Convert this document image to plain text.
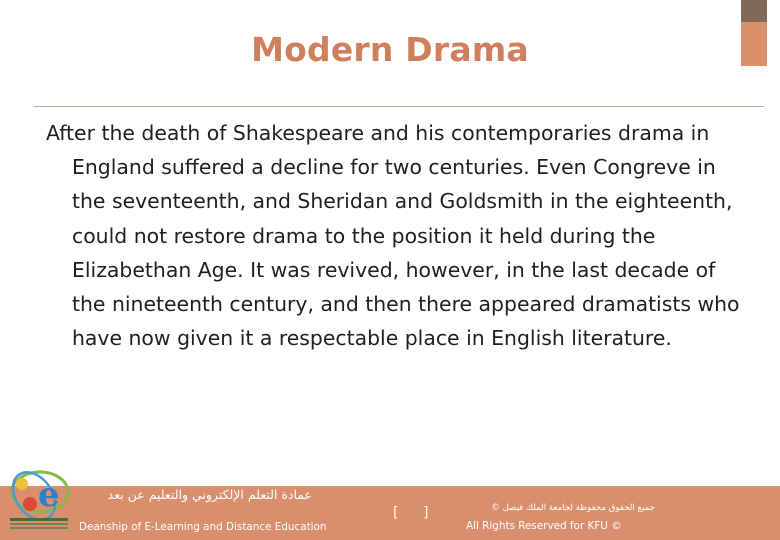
Modern Drama

After the death of Shakespeare and his contemporaries drama in England suffered a decline for two centuries. Even Congreve in the seventeenth, and Sheridan and Goldsmith in the eighteenth, could not restore drama to the position it held during the Elizabethan Age. It was revived, however, in the last decade of the nineteenth century, and then there appeared dramatists who have now given it a respectable place in English literature.

e	عمادة التعلم الإلكتروني والتعليم عن بعد
Deanship of E-Learning and Distance Education
[ ]	جميع الحقوق محفوظة لجامعة الملك فيصل ©
All Rights Reserved for KFU ©
